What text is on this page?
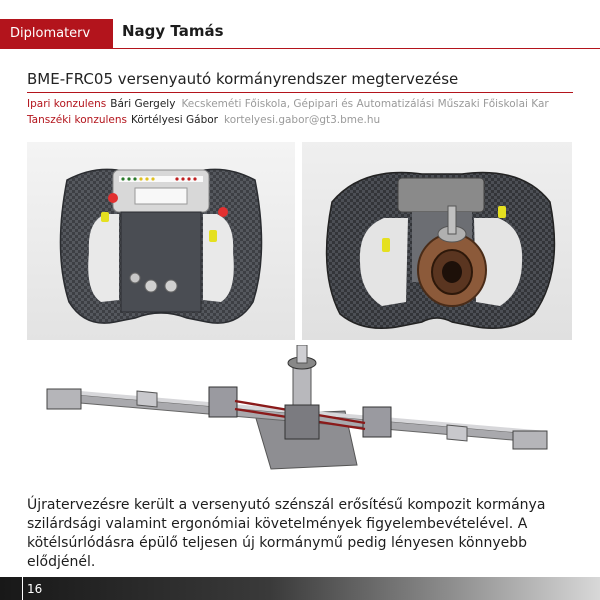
Diplomaterv Nagy Tamás
BME-FRC05 versenyautó kormányrendszer megtervezése
Ipari konzulens Bári Gergely Kecskeméti Főiskola, Gépipari és Automatizálási Műszaki Főiskolai Kar
Tanszéki konzulens Körtélyesi Gábor kortelyesi.gabor@gt3.bme.hu
Újratervezésre került a versenyutó szénszál erősítésű kompozit kormánya szilárdsági valamint ergonómiai követelmények figyelembevételével. A kötélsúrlódásra épülő teljesen új kormánymű pedig lényesen könnyebb elődjénél.
16
